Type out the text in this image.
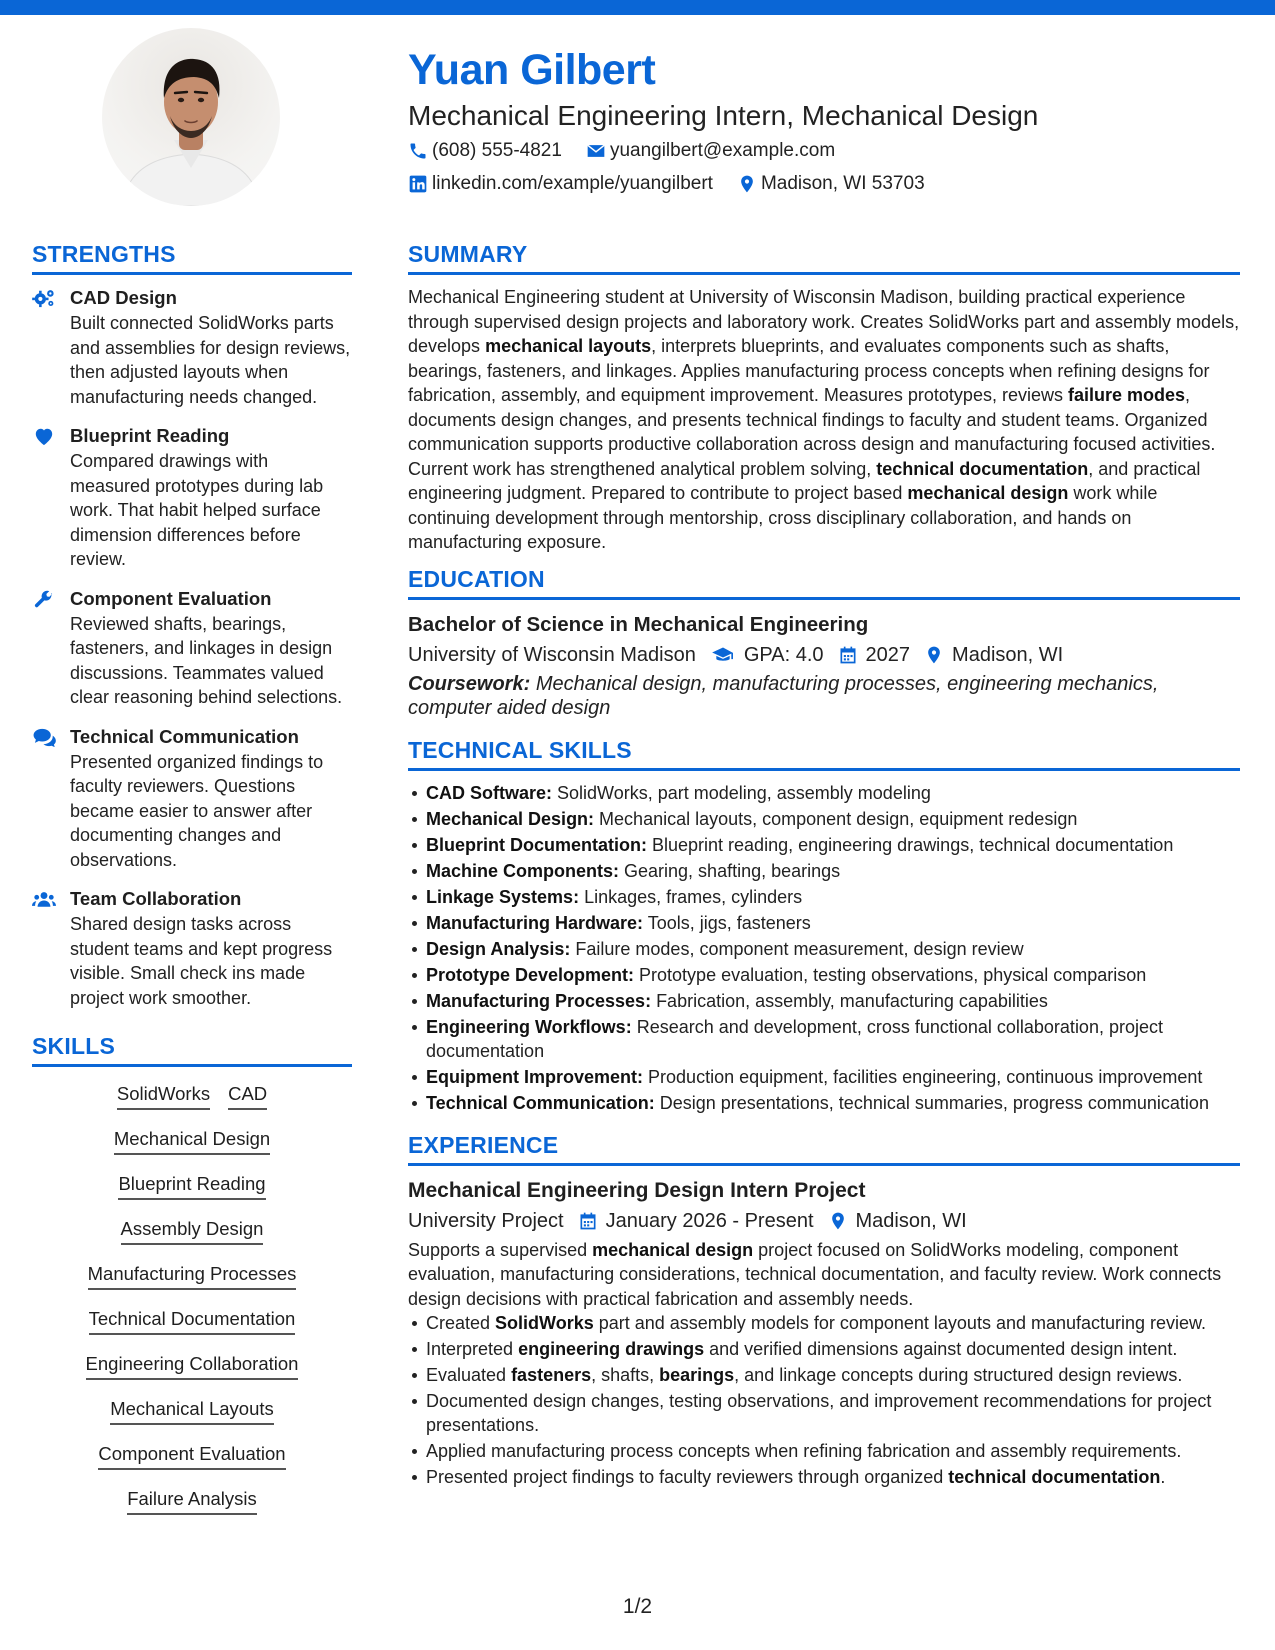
Yuan Gilbert
Mechanical Engineering Intern, Mechanical Design
(608) 555-4821	yuangilbert@example.com
linkedin.com/example/yuangilbert	Madison, WI 53703
STRENGTHS
CAD Design
Built connected SolidWorks parts and assemblies for design reviews, then adjusted layouts when manufacturing needs changed.
Blueprint Reading
Compared drawings with measured prototypes during lab work. That habit helped surface dimension differences before review.
Component Evaluation
Reviewed shafts, bearings, fasteners, and linkages in design discussions. Teammates valued clear reasoning behind selections.
Technical Communication
Presented organized findings to faculty reviewers. Questions became easier to answer after documenting changes and observations.
Team Collaboration
Shared design tasks across student teams and kept progress visible. Small check ins made project work smoother.
SKILLS
SolidWorks CAD
Mechanical Design
Blueprint Reading
Assembly Design
Manufacturing Processes
Technical Documentation
Engineering Collaboration
Mechanical Layouts
Component Evaluation
Failure Analysis
SUMMARY
Mechanical Engineering student at University of Wisconsin Madison, building practical experience through supervised design projects and laboratory work. Creates SolidWorks part and assembly models, develops mechanical layouts, interprets blueprints, and evaluates components such as shafts, bearings, fasteners, and linkages. Applies manufacturing process concepts when refining designs for fabrication, assembly, and equipment improvement. Measures prototypes, reviews failure modes, documents design changes, and presents technical findings to faculty and student teams. Organized communication supports productive collaboration across design and manufacturing focused activities. Current work has strengthened analytical problem solving, technical documentation, and practical engineering judgment. Prepared to contribute to project based mechanical design work while continuing development through mentorship, cross disciplinary collaboration, and hands on manufacturing exposure.
EDUCATION
Bachelor of Science in Mechanical Engineering
University of Wisconsin Madison GPA: 4.0 2027 Madison, WI
Coursework: Mechanical design, manufacturing processes, engineering mechanics, computer aided design
TECHNICAL SKILLS
CAD Software: SolidWorks, part modeling, assembly modeling
Mechanical Design: Mechanical layouts, component design, equipment redesign
Blueprint Documentation: Blueprint reading, engineering drawings, technical documentation
Machine Components: Gearing, shafting, bearings
Linkage Systems: Linkages, frames, cylinders
Manufacturing Hardware: Tools, jigs, fasteners
Design Analysis: Failure modes, component measurement, design review
Prototype Development: Prototype evaluation, testing observations, physical comparison
Manufacturing Processes: Fabrication, assembly, manufacturing capabilities
Engineering Workflows: Research and development, cross functional collaboration, project documentation
Equipment Improvement: Production equipment, facilities engineering, continuous improvement
Technical Communication: Design presentations, technical summaries, progress communication
EXPERIENCE
Mechanical Engineering Design Intern Project
University Project January 2026 - Present Madison, WI
Supports a supervised mechanical design project focused on SolidWorks modeling, component evaluation, manufacturing considerations, technical documentation, and faculty review. Work connects design decisions with practical fabrication and assembly needs.
Created SolidWorks part and assembly models for component layouts and manufacturing review.
Interpreted engineering drawings and verified dimensions against documented design intent.
Evaluated fasteners, shafts, bearings, and linkage concepts during structured design reviews.
Documented design changes, testing observations, and improvement recommendations for project presentations.
Applied manufacturing process concepts when refining fabrication and assembly requirements.
Presented project findings to faculty reviewers through organized technical documentation.
1/2
